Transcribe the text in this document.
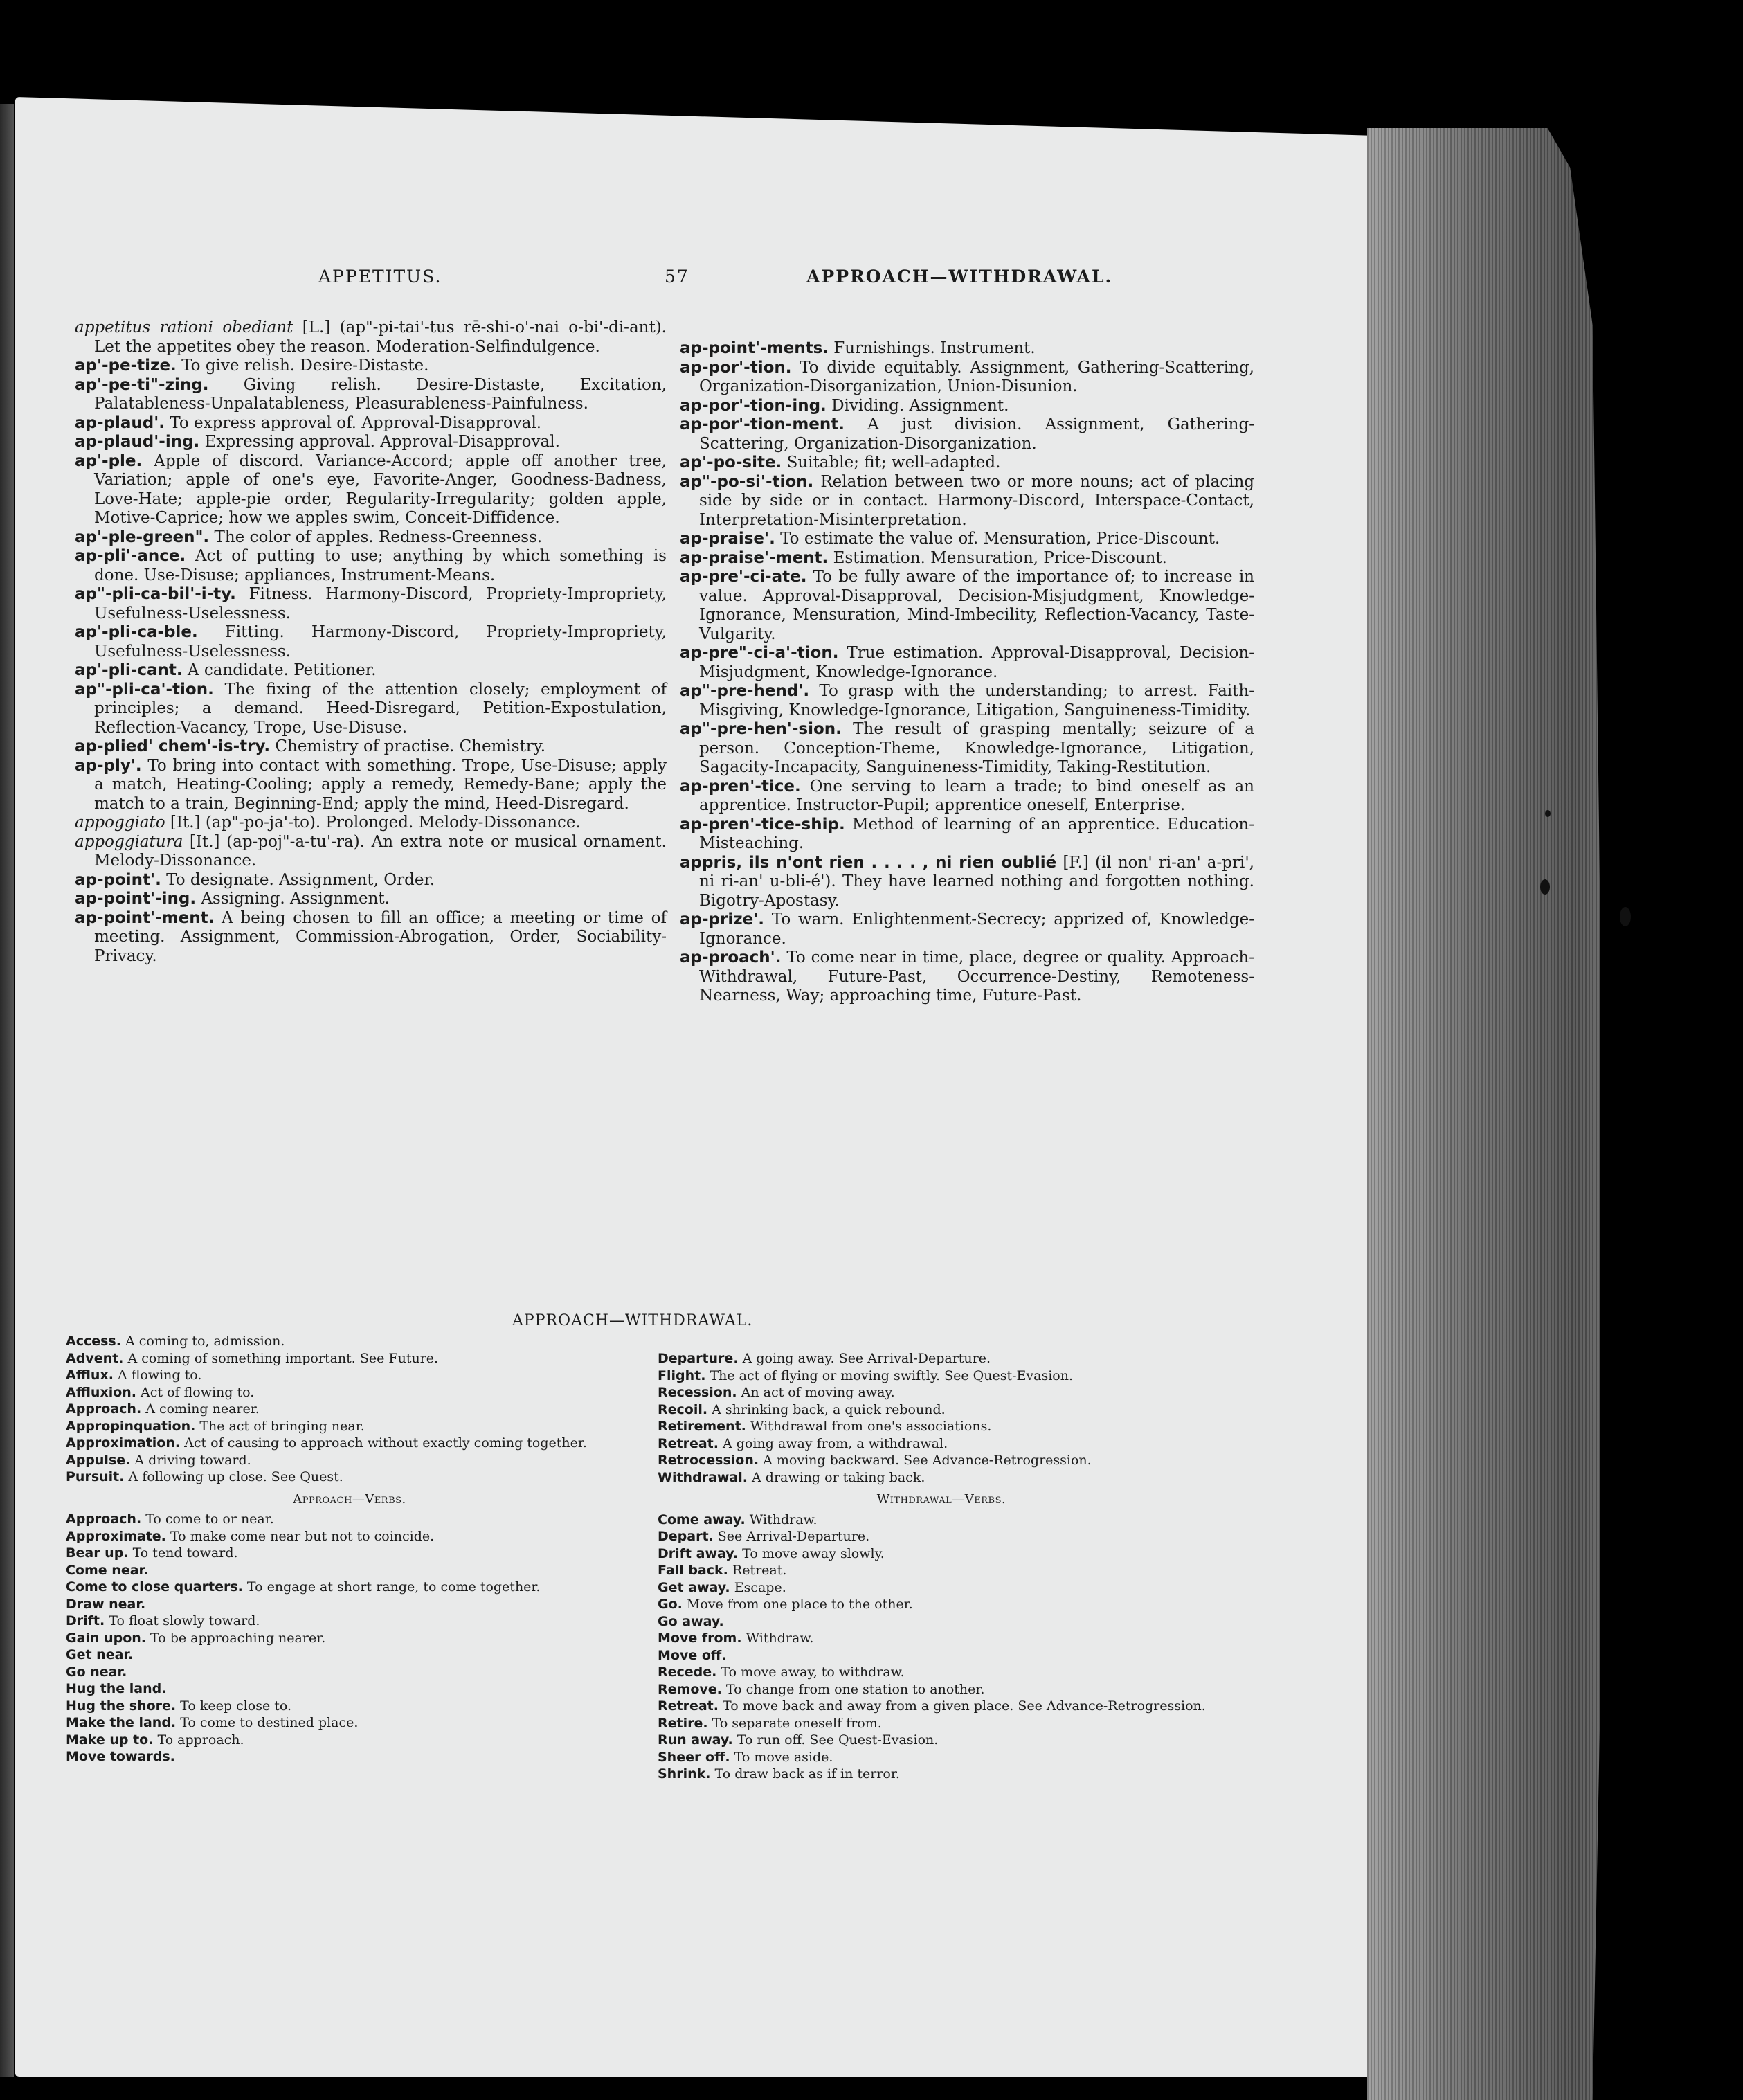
APPETITUS.	57	APPROACH—WITHDRAWAL.

appetitus rationi obediant [L.] (ap"-pi-tai'-tus rē-shi-o'-nai o-bi'-di-ant). Let the appetites obey the reason. Moderation-Selfindulgence.

ap'-pe-tize. To give relish. Desire-Distaste.

ap'-pe-ti"-zing. Giving relish. Desire-Distaste, Excitation, Palatableness-Unpalatableness, Pleasurableness-Painfulness.

ap-plaud'. To express approval of. Approval-Disapproval.

ap-plaud'-ing. Expressing approval. Approval-Disapproval.

ap'-ple. Apple of discord. Variance-Accord; apple off another tree, Variation; apple of one's eye, Favorite-Anger, Goodness-Badness, Love-Hate; apple-pie order, Regularity-Irregularity; golden apple, Motive-Caprice; how we apples swim, Conceit-Diffidence.

ap'-ple-green". The color of apples. Redness-Greenness.

ap-pli'-ance. Act of putting to use; anything by which something is done. Use-Disuse; appliances, Instrument-Means.

ap"-pli-ca-bil'-i-ty. Fitness. Harmony-Discord, Propriety-Impropriety, Usefulness-Uselessness.

ap'-pli-ca-ble. Fitting. Harmony-Discord, Propriety-Impropriety, Usefulness-Uselessness.

ap'-pli-cant. A candidate. Petitioner.

ap"-pli-ca'-tion. The fixing of the attention closely; employment of principles; a demand. Heed-Disregard, Petition-Expostulation, Reflection-Vacancy, Trope, Use-Disuse.

ap-plied' chem'-is-try. Chemistry of practise. Chemistry.

ap-ply'. To bring into contact with something. Trope, Use-Disuse; apply a match, Heating-Cooling; apply a remedy, Remedy-Bane; apply the match to a train, Beginning-End; apply the mind, Heed-Disregard.

appoggiato [It.] (ap"-po-ja'-to). Prolonged. Melody-Dissonance.

appoggiatura [It.] (ap-poj"-a-tu'-ra). An extra note or musical ornament. Melody-Dissonance.

ap-point'. To designate. Assignment, Order.

ap-point'-ing. Assigning. Assignment.

ap-point'-ment. A being chosen to fill an office; a meeting or time of meeting. Assignment, Commission-Abrogation, Order, Sociability-Privacy.

ap-point'-ments. Furnishings. Instrument.

ap-por'-tion. To divide equitably. Assignment, Gathering-Scattering, Organization-Disorganization, Union-Disunion.

ap-por'-tion-ing. Dividing. Assignment.

ap-por'-tion-ment. A just division. Assignment, Gathering-Scattering, Organization-Disorganization.

ap'-po-site. Suitable; fit; well-adapted.

ap"-po-si'-tion. Relation between two or more nouns; act of placing side by side or in contact. Harmony-Discord, Interspace-Contact, Interpretation-Misinterpretation.

ap-praise'. To estimate the value of. Mensuration, Price-Discount.

ap-praise'-ment. Estimation. Mensuration, Price-Discount.

ap-pre'-ci-ate. To be fully aware of the importance of; to increase in value. Approval-Disapproval, Decision-Misjudgment, Knowledge-Ignorance, Mensuration, Mind-Imbecility, Reflection-Vacancy, Taste-Vulgarity.

ap-pre"-ci-a'-tion. True estimation. Approval-Disapproval, Decision-Misjudgment, Knowledge-Ignorance.

ap"-pre-hend'. To grasp with the understanding; to arrest. Faith-Misgiving, Knowledge-Ignorance, Litigation, Sanguineness-Timidity.

ap"-pre-hen'-sion. The result of grasping mentally; seizure of a person. Conception-Theme, Knowledge-Ignorance, Litigation, Sagacity-Incapacity, Sanguineness-Timidity, Taking-Restitution.

ap-pren'-tice. One serving to learn a trade; to bind oneself as an apprentice. Instructor-Pupil; apprentice oneself, Enterprise.

ap-pren'-tice-ship. Method of learning of an apprentice. Education-Misteaching.

appris, ils n'ont rien . . . . , ni rien oublié [F.] (il non' ri-an' a-pri', ni ri-an' u-bli-é'). They have learned nothing and forgotten nothing. Bigotry-Apostasy.

ap-prize'. To warn. Enlightenment-Secrecy; apprized of, Knowledge-Ignorance.

ap-proach'. To come near in time, place, degree or quality. Approach-Withdrawal, Future-Past, Occurrence-Destiny, Remoteness-Nearness, Way; approaching time, Future-Past.

APPROACH—WITHDRAWAL.

Access. A coming to, admission.

Advent. A coming of something important. See Future.

Afflux. A flowing to.

Affluxion. Act of flowing to.

Approach. A coming nearer.

Appropinquation. The act of bringing near.

Approximation. Act of causing to approach without exactly coming together.

Appulse. A driving toward.

Pursuit. A following up close. See Quest.

Approach—Verbs.

Approach. To come to or near.

Approximate. To make come near but not to coincide.

Bear up. To tend toward.

Come near.

Come to close quarters. To engage at short range, to come together.

Draw near.

Drift. To float slowly toward.

Gain upon. To be approaching nearer.

Get near.

Go near.

Hug the land.

Hug the shore. To keep close to.

Make the land. To come to destined place.

Make up to. To approach.

Move towards.

Departure. A going away. See Arrival-Departure.

Flight. The act of flying or moving swiftly. See Quest-Evasion.

Recession. An act of moving away.

Recoil. A shrinking back, a quick rebound.

Retirement. Withdrawal from one's associations.

Retreat. A going away from, a withdrawal.

Retrocession. A moving backward. See Advance-Retrogression.

Withdrawal. A drawing or taking back.

Withdrawal—Verbs.

Come away. Withdraw.

Depart. See Arrival-Departure.

Drift away. To move away slowly.

Fall back. Retreat.

Get away. Escape.

Go. Move from one place to the other.

Go away.

Move from. Withdraw.

Move off.

Recede. To move away, to withdraw.

Remove. To change from one station to another.

Retreat. To move back and away from a given place. See Advance-Retrogression.

Retire. To separate oneself from.

Run away. To run off. See Quest-Evasion.

Sheer off. To move aside.

Shrink. To draw back as if in terror.
